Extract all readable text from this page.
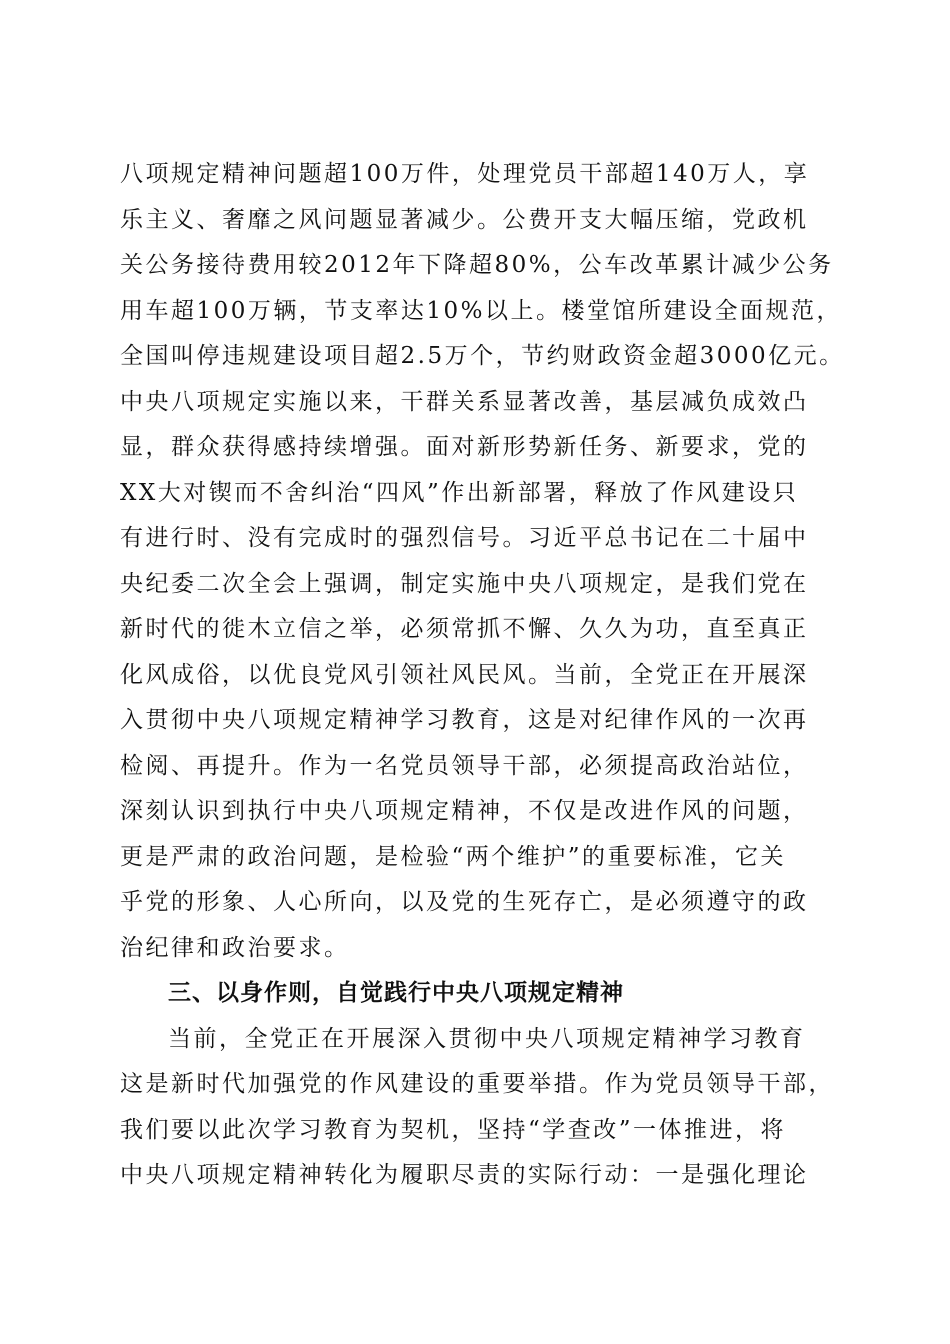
八项规定精神问题超100万件，处理党员干部超140万人，享
乐主义、奢靡之风问题显著减少。公费开支大幅压缩，党政机
关公务接待费用较2012年下降超80%，公车改革累计减少公务
用车超100万辆，节支率达10%以上。楼堂馆所建设全面规范，
全国叫停违规建设项目超2.5万个，节约财政资金超3000亿元。
中央八项规定实施以来，干群关系显著改善，基层减负成效凸
显，群众获得感持续增强。面对新形势新任务、新要求，党的
XX大对锲而不舍纠治“四风”作出新部署，释放了作风建设只
有进行时、没有完成时的强烈信号。习近平总书记在二十届中
央纪委二次全会上强调，制定实施中央八项规定，是我们党在
新时代的徙木立信之举，必须常抓不懈、久久为功，直至真正
化风成俗，以优良党风引领社风民风。当前，全党正在开展深
入贯彻中央八项规定精神学习教育，这是对纪律作风的一次再
检阅、再提升。作为一名党员领导干部，必须提高政治站位，
深刻认识到执行中央八项规定精神，不仅是改进作风的问题，
更是严肃的政治问题，是检验“两个维护”的重要标准，它关
乎党的形象、人心所向，以及党的生死存亡，是必须遵守的政
治纪律和政治要求。
三、以身作则，自觉践行中央八项规定精神
当前，全党正在开展深入贯彻中央八项规定精神学习教育
这是新时代加强党的作风建设的重要举措。作为党员领导干部，
我们要以此次学习教育为契机，坚持“学查改”一体推进，将
中央八项规定精神转化为履职尽责的实际行动：一是强化理论
